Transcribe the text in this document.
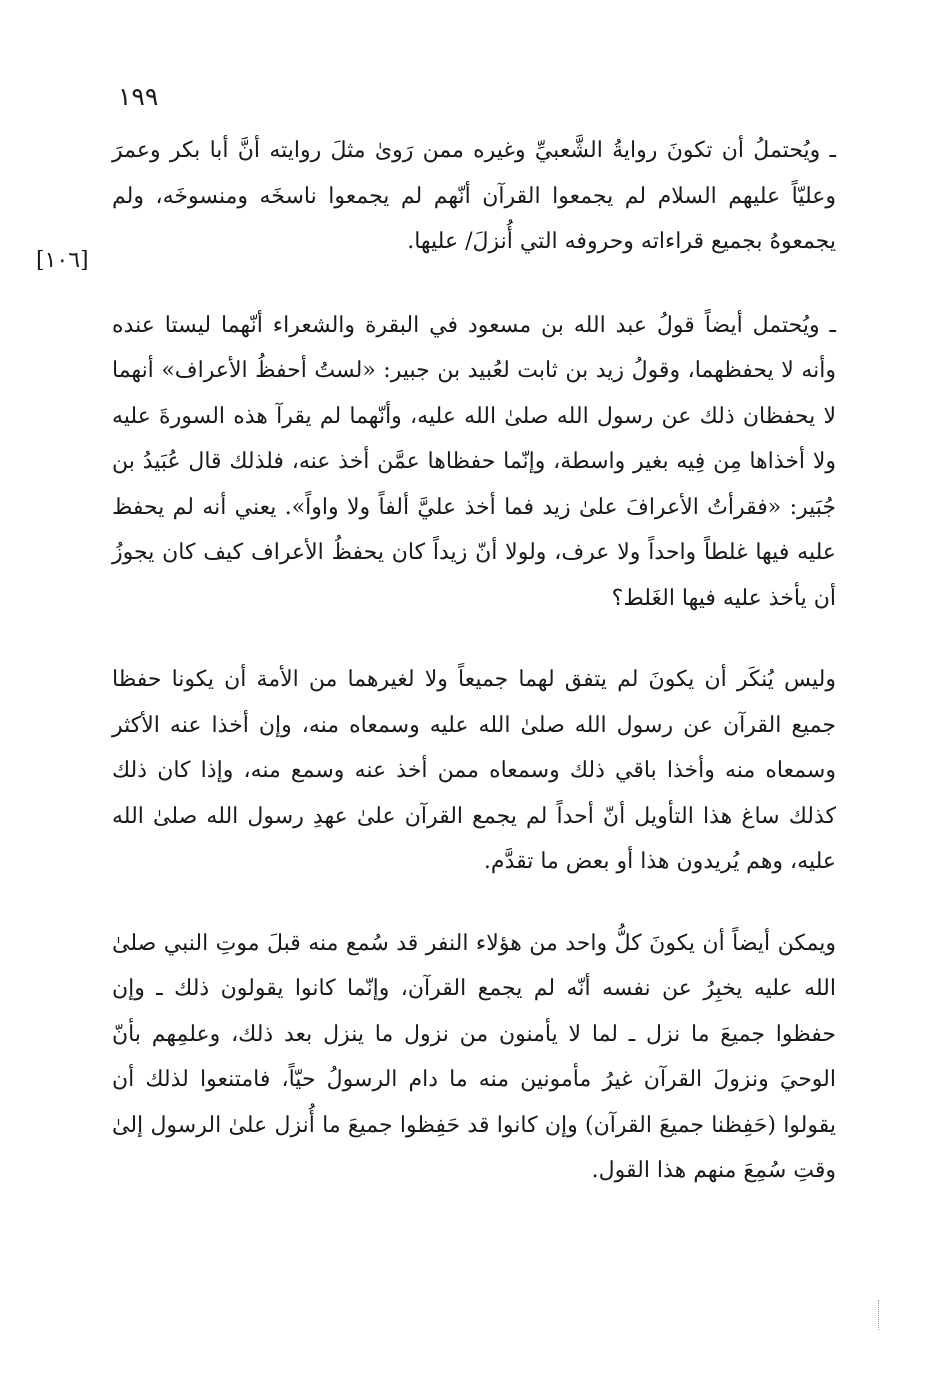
١٩٩
[١٠٦]

ـ ويُحتملُ أن تكونَ روايةُ الشَّعبيِّ وغيره ممن رَوىٰ مثلَ روايته أنَّ أبا بكر وعمرَ وعليّاً عليهم السلام لم يجمعوا القرآن أنّهم لم يجمعوا ناسخَه ومنسوخَه، ولم يجمعوهُ بجميع قراءاته وحروفه التي أُنزلَ/ عليها.

ـ ويُحتمل أيضاً قولُ عبد الله بن مسعود في البقرة والشعراء أنّهما ليستا عنده وأنه لا يحفظهما، وقولُ زيد بن ثابت لعُبيد بن جبير: «لستُ أحفظُ الأعراف» أنهما لا يحفظان ذلك عن رسول الله صلىٰ الله عليه، وأنّهما لم يقرآ هذه السورةَ عليه ولا أخذاها مِن فِيه بغير واسطة، وإنّما حفظاها عمَّن أخذ عنه، فلذلك قال عُبَيدُ بن جُبَير: «فقرأتُ الأعرافَ علىٰ زيد فما أخذ عليَّ ألفاً ولا واواً». يعني أنه لم يحفظ عليه فيها غلطاً واحداً ولا عرف، ولولا أنّ زيداً كان يحفظُ الأعراف كيف كان يجوزُ أن يأخذ عليه فيها الغَلط؟

وليس يُنكَر أن يكونَ لم يتفق لهما جميعاً ولا لغيرهما من الأمة أن يكونا حفظا جميع القرآن عن رسول الله صلىٰ الله عليه وسمعاه منه، وإن أخذا عنه الأكثر وسمعاه منه وأخذا باقي ذلك وسمعاه ممن أخذ عنه وسمع منه، وإذا كان ذلك كذلك ساغ هذا التأويل أنّ أحداً لم يجمع القرآن علىٰ عهدِ رسول الله صلىٰ الله عليه، وهم يُريدون هذا أو بعض ما تقدَّم.

ويمكن أيضاً أن يكونَ كلُّ واحد من هؤلاء النفر قد سُمع منه قبلَ موتِ النبي صلىٰ الله عليه يخبِرُ عن نفسه أنّه لم يجمع القرآن، وإنّما كانوا يقولون ذلك ـ وإن حفظوا جميعَ ما نزل ـ لما لا يأمنون من نزول ما ينزل بعد ذلك، وعلمِهم بأنّ الوحيَ ونزولَ القرآن غيرُ مأمونين منه ما دام الرسولُ حيّاً، فامتنعوا لذلك أن يقولوا (حَفِظنا جميعَ القرآن) وإن كانوا قد حَفِظوا جميعَ ما أُنزل علىٰ الرسول إلىٰ وقتِ سُمِعَ منهم هذا القول.
